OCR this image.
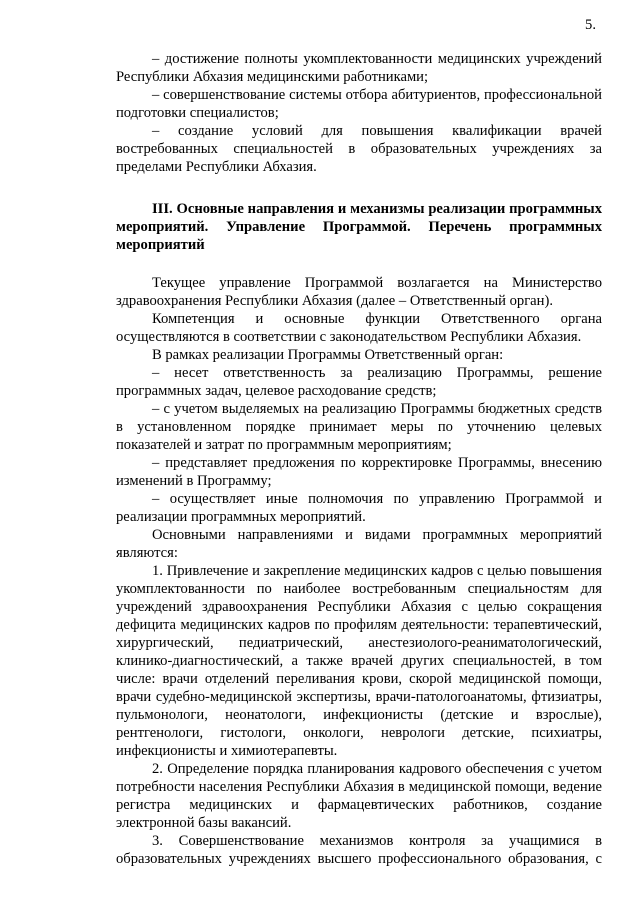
5.

– достижение полноты укомплектованности медицинских учреждений Республики Абхазия медицинскими работниками;

– совершенствование системы отбора абитуриентов, профессиональной подготовки специалистов;

– создание условий для повышения квалификации врачей востребованных специальностей в образовательных учреждениях за пределами Республики Абхазия.

III. Основные направления и механизмы реализации программных мероприятий. Управление Программой. Перечень программных мероприятий

Текущее управление Программой возлагается на Министерство здравоохранения Республики Абхазия (далее – Ответственный орган).

Компетенция и основные функции Ответственного органа осуществляются в соответствии с законодательством Республики Абхазия.

В рамках реализации Программы Ответственный орган:

– несет ответственность за реализацию Программы, решение программных задач, целевое расходование средств;

– с учетом выделяемых на реализацию Программы бюджетных средств в установленном порядке принимает меры по уточнению целевых показателей и затрат по программным мероприятиям;

– представляет предложения по корректировке Программы, внесению изменений в Программу;

– осуществляет иные полномочия по управлению Программой и реализации программных мероприятий.

Основными направлениями и видами программных мероприятий являются:

1. Привлечение и закрепление медицинских кадров с целью повышения укомплектованности по наиболее востребованным специальностям для учреждений здравоохранения Республики Абхазия с целью сокращения дефицита медицинских кадров по профилям деятельности: терапевтический, хирургический, педиатрический, анестезиолого-реаниматологический, клинико-диагностический, а также врачей других специальностей, в том числе: врачи отделений переливания крови, скорой медицинской помощи, врачи судебно-медицинской экспертизы, врачи-патологоанатомы, фтизиатры, пульмонологи, неонатологи, инфекционисты (детские и взрослые), рентгенологи, гистологи, онкологи, неврологи детские, психиатры, инфекционисты и химиотерапевты.

2. Определение порядка планирования кадрового обеспечения с учетом потребности населения Республики Абхазия в медицинской помощи, ведение регистра медицинских и фармацевтических работников, создание электронной базы вакансий.

3. Совершенствование механизмов контроля за учащимися в образовательных учреждениях высшего профессионального образования, с
